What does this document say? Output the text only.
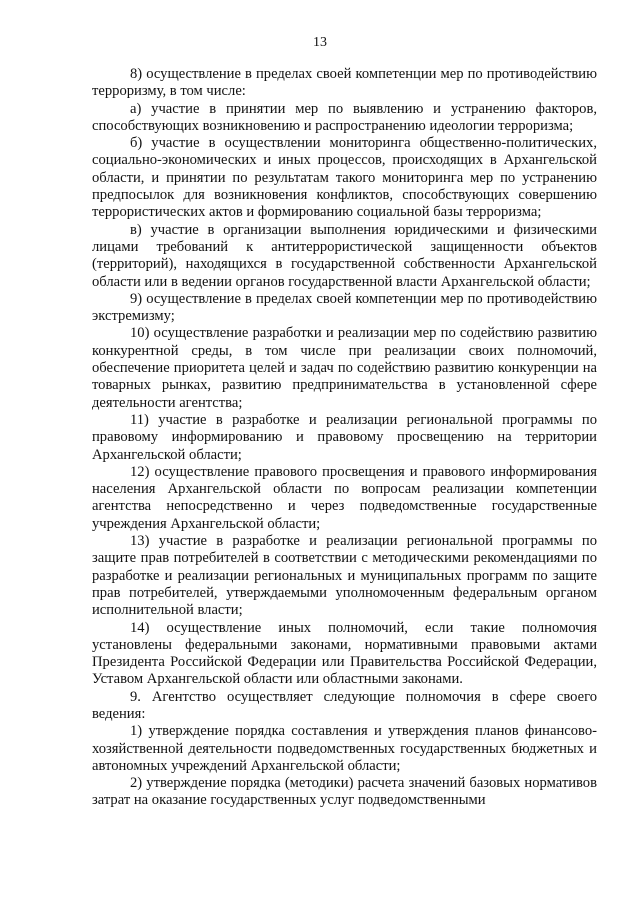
13

8) осуществление в пределах своей компетенции мер по противодействию терроризму, в том числе:

а) участие в принятии мер по выявлению и устранению факторов, способствующих возникновению и распространению идеологии терроризма;

б) участие в осуществлении мониторинга общественно-политических, социально-экономических и иных процессов, происходящих в Архангельской области, и принятии по результатам такого мониторинга мер по устранению предпосылок для возникновения конфликтов, способствующих совершению террористических актов и формированию социальной базы терроризма;

в) участие в организации выполнения юридическими и физическими лицами требований к антитеррористической защищенности объектов (территорий), находящихся в государственной собственности Архангельской области или в ведении органов государственной власти Архангельской области;

9) осуществление в пределах своей компетенции мер по противодействию экстремизму;

10) осуществление разработки и реализации мер по содействию развитию конкурентной среды, в том числе при реализации своих полномочий, обеспечение приоритета целей и задач по содействию развитию конкуренции на товарных рынках, развитию предпринимательства в установленной сфере деятельности агентства;

11) участие в разработке и реализации региональной программы по правовому информированию и правовому просвещению на территории Архангельской области;

12) осуществление правового просвещения и правового информирования населения Архангельской области по вопросам реализации компетенции агентства непосредственно и через подведомственные государственные учреждения Архангельской области;

13) участие в разработке и реализации региональной программы по защите прав потребителей в соответствии с методическими рекомендациями по разработке и реализации региональных и муниципальных программ по защите прав потребителей, утверждаемыми уполномоченным федеральным органом исполнительной власти;

14) осуществление иных полномочий, если такие полномочия установлены федеральными законами, нормативными правовыми актами Президента Российской Федерации или Правительства Российской Федерации, Уставом Архангельской области или областными законами.

9. Агентство осуществляет следующие полномочия в сфере своего ведения:

1) утверждение порядка составления и утверждения планов финансово-хозяйственной деятельности подведомственных государственных бюджетных и автономных учреждений Архангельской области;

2) утверждение порядка (методики) расчета значений базовых нормативов затрат на оказание государственных услуг подведомственными
